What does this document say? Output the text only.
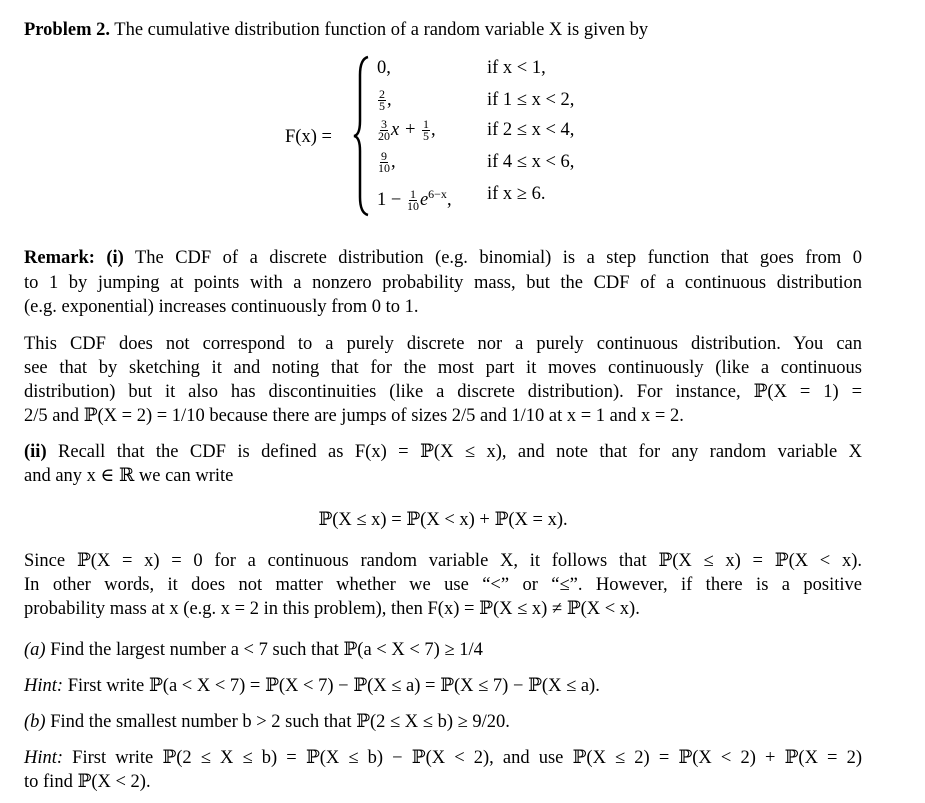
Problem 2. The cumulative distribution function of a random variable X is given by
F(x) =
0,	if x < 1,
$\frac{2}{5}$ ,	if 1 ≤ x < 2,
$\frac{3}{20}$ $x + \frac{1}{5}$ ,	if 2 ≤ x < 4,
$\frac{9}{10}$ ,	if 4 ≤ x < 6,
$1 - \frac{1}{10} e^{6-x}$, if x ≥ 6.
Remark: (i) The CDF of a discrete distribution (e.g. binomial) is a step function that goes from 0
to 1 by jumping at points with a nonzero probability mass, but the CDF of a continuous distribution
(e.g. exponential) increases continuously from 0 to 1.
This CDF does not correspond to a purely discrete nor a purely continuous distribution. You can
see that by sketching it and noting that for the most part it moves continuously (like a continuous
distribution) but it also has discontinuities (like a discrete distribution). For instance, ℙ(X = 1) =
2/5 and ℙ(X = 2) = 1/10 because there are jumps of sizes 2/5 and 1/10 at x = 1 and x = 2.
(ii) Recall that the CDF is defined as F(x) = ℙ(X ≤ x), and note that for any random variable X
and any x ∈ ℝ we can write
ℙ(X ≤ x) = ℙ(X < x) + ℙ(X = x).
Since ℙ(X = x) = 0 for a continuous random variable X, it follows that ℙ(X ≤ x) = ℙ(X < x).
In other words, it does not matter whether we use “<” or “≤”. However, if there is a positive
probability mass at x (e.g. x = 2 in this problem), then F(x) = ℙ(X ≤ x) ≠ ℙ(X < x).
(a) Find the largest number a < 7 such that ℙ(a < X < 7) ≥ 1/4
Hint: First write ℙ(a < X < 7) = ℙ(X < 7) − ℙ(X ≤ a) = ℙ(X ≤ 7) − ℙ(X ≤ a).
(b) Find the smallest number b > 2 such that ℙ(2 ≤ X ≤ b) ≥ 9/20.
Hint: First write ℙ(2 ≤ X ≤ b) = ℙ(X ≤ b) − ℙ(X < 2), and use ℙ(X ≤ 2) = ℙ(X < 2) + ℙ(X = 2)
to find ℙ(X < 2).
